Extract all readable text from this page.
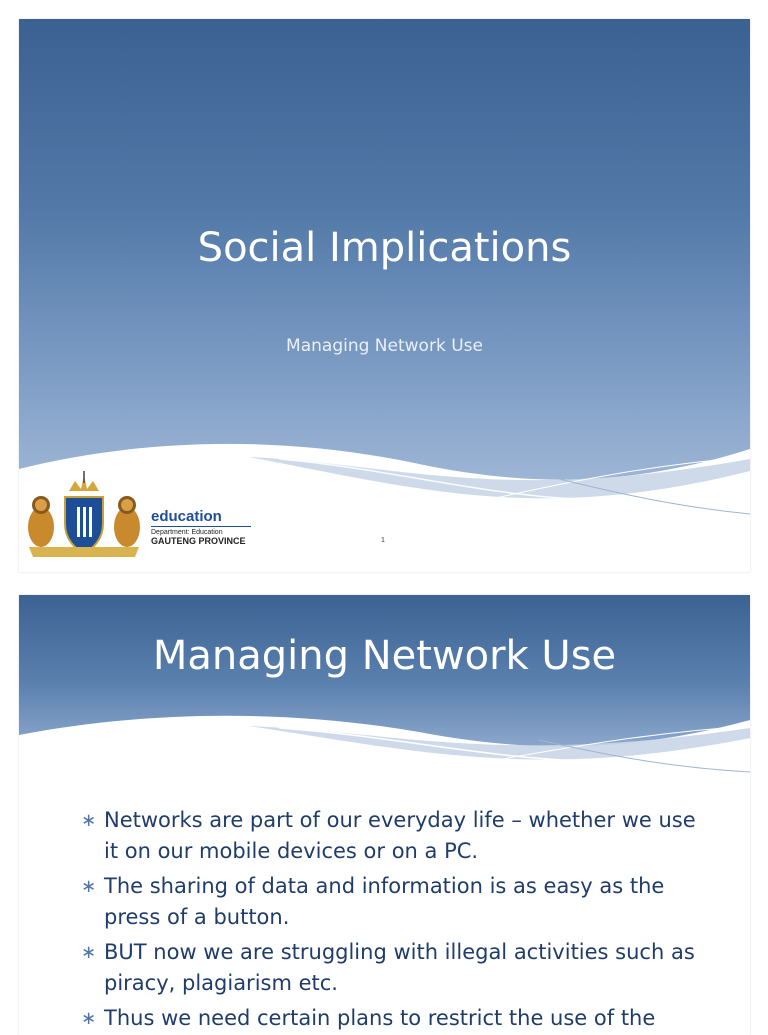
Social Implications
Managing Network Use
education
Department: Education
GAUTENG PROVINCE	1
Managing Network Use
∗ Networks are part of our everyday life – whether we use it on our mobile devices or on a PC.
∗ The sharing of data and information is as easy as the press of a button.
∗ BUT now we are struggling with illegal activities such as piracy, plagiarism etc.
∗ Thus we need certain plans to restrict the use of the
